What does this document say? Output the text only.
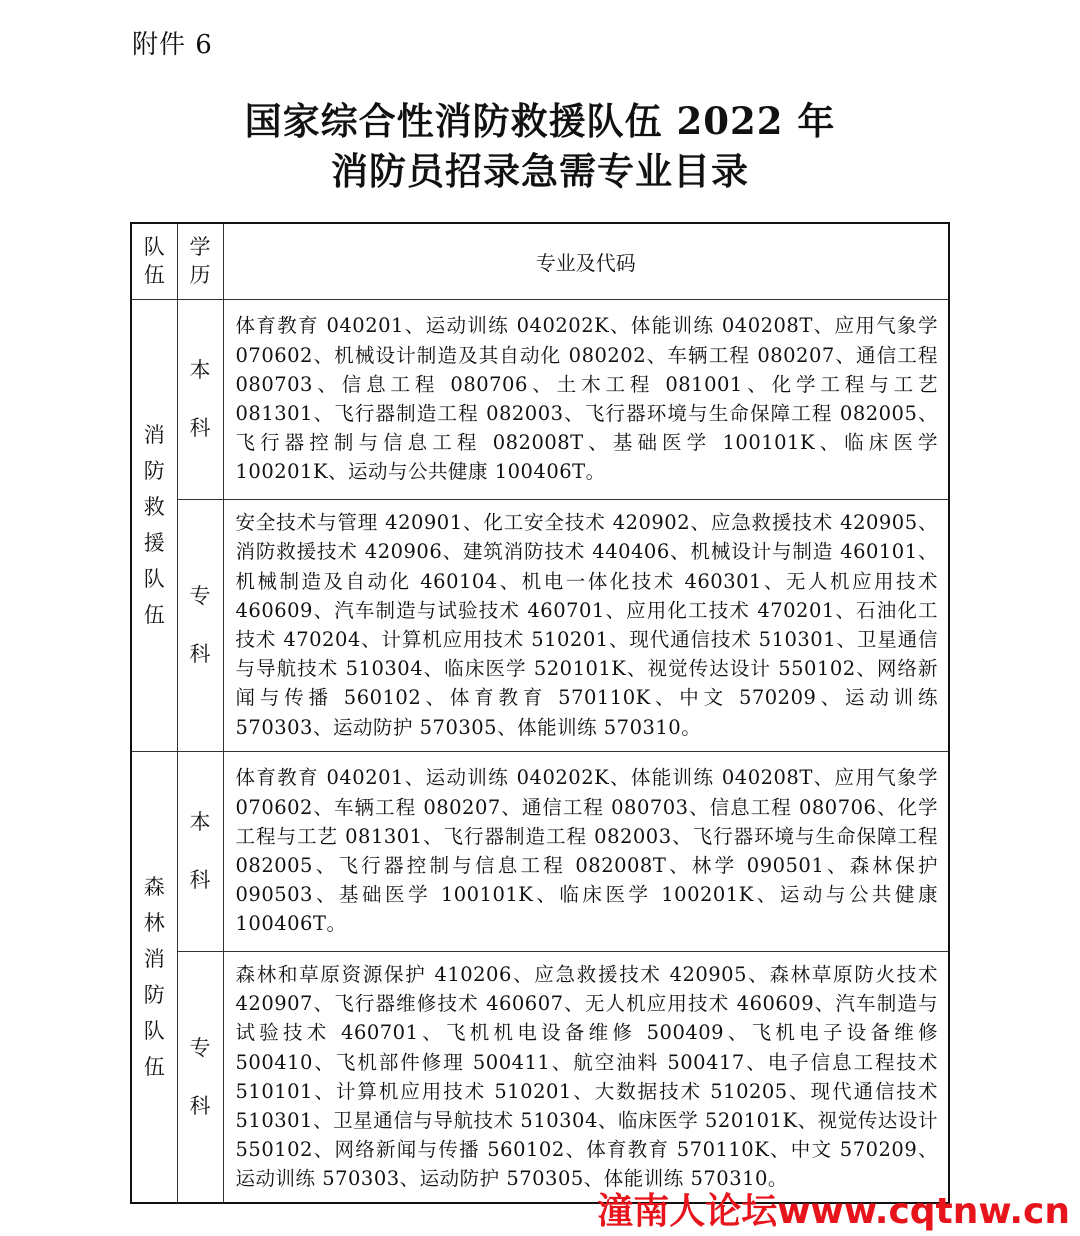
附件 6
国家综合性消防救援队伍 2022 年
消防员招录急需专业目录
队伍	学历	专业及代码
消防救援队伍	本科	体育教育 040201、运动训练 040202K、体能训练 040208T、应用气象学 070602、机械设计制造及其自动化 080202、车辆工程 080207、通信工程 080703、信息工程 080706、土木工程 081001、化学工程与工艺 081301、飞行器制造工程 082003、飞行器环境与生命保障工程 082005、飞行器控制与信息工程 082008T、基础医学 100101K、临床医学 100201K、运动与公共健康 100406T。
	专科	安全技术与管理 420901、化工安全技术 420902、应急救援技术 420905、消防救援技术 420906、建筑消防技术 440406、机械设计与制造 460101、机械制造及自动化 460104、机电一体化技术 460301、无人机应用技术 460609、汽车制造与试验技术 460701、应用化工技术 470201、石油化工技术 470204、计算机应用技术 510201、现代通信技术 510301、卫星通信与导航技术 510304、临床医学 520101K、视觉传达设计 550102、网络新闻与传播 560102、体育教育 570110K、中文 570209、运动训练 570303、运动防护 570305、体能训练 570310。
森林消防队伍	本科	体育教育 040201、运动训练 040202K、体能训练 040208T、应用气象学 070602、车辆工程 080207、通信工程 080703、信息工程 080706、化学工程与工艺 081301、飞行器制造工程 082003、飞行器环境与生命保障工程 082005、飞行器控制与信息工程 082008T、林学 090501、森林保护 090503、基础医学 100101K、临床医学 100201K、运动与公共健康 100406T。
	专科	森林和草原资源保护 410206、应急救援技术 420905、森林草原防火技术 420907、飞行器维修技术 460607、无人机应用技术 460609、汽车制造与试验技术 460701、飞机机电设备维修 500409、飞机电子设备维修 500410、飞机部件修理 500411、航空油料 500417、电子信息工程技术 510101、计算机应用技术 510201、大数据技术 510205、现代通信技术 510301、卫星通信与导航技术 510304、临床医学 520101K、视觉传达设计 550102、网络新闻与传播 560102、体育教育 570110K、中文 570209、运动训练 570303、运动防护 570305、体能训练 570310。
潼南人论坛www.cqtnw.cn
